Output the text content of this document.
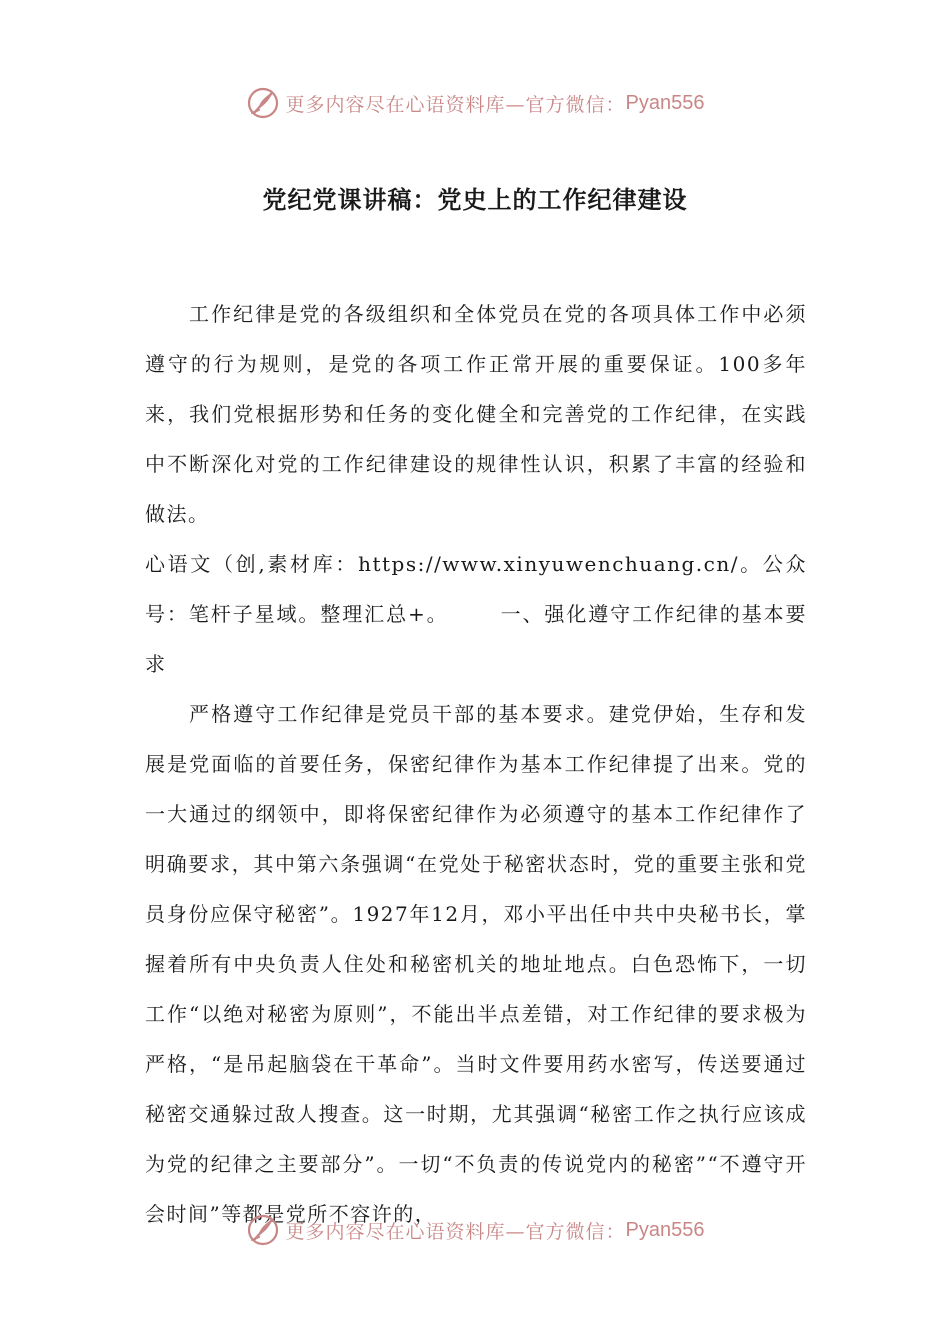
更多内容尽在心语资料库—官方微信： Pyan556
党纪党课讲稿：党史上的工作纪律建设

工作纪律是党的各级组织和全体党员在党的各项具体工作中必须遵守的行为规则，是党的各项工作正常开展的重要保证。100多年来，我们党根据形势和任务的变化健全和完善党的工作纪律，在实践中不断深化对党的工作纪律建设的规律性认识，积累了丰富的经验和做法。

心语文（创,素材库：https://www.xinyuwenchuang.cn/。公众号：笔杆子星域。整理汇总+。	一、强化遵守工作纪律的基本要求

严格遵守工作纪律是党员干部的基本要求。建党伊始，生存和发展是党面临的首要任务，保密纪律作为基本工作纪律提了出来。党的一大通过的纲领中，即将保密纪律作为必须遵守的基本工作纪律作了明确要求，其中第六条强调“在党处于秘密状态时，党的重要主张和党员身份应保守秘密”。1927年12月，邓小平出任中共中央秘书长，掌握着所有中央负责人住处和秘密机关的地址地点。白色恐怖下，一切工作“以绝对秘密为原则”，不能出半点差错，对工作纪律的要求极为严格，“是吊起脑袋在干革命”。当时文件要用药水密写，传送要通过秘密交通躲过敌人搜查。这一时期，尤其强调“秘密工作之执行应该成为党的纪律之主要部分”。一切“不负责的传说党内的秘密”“不遵守开会时间”等都是党所不容许的，

更多内容尽在心语资料库—官方微信： Pyan556
